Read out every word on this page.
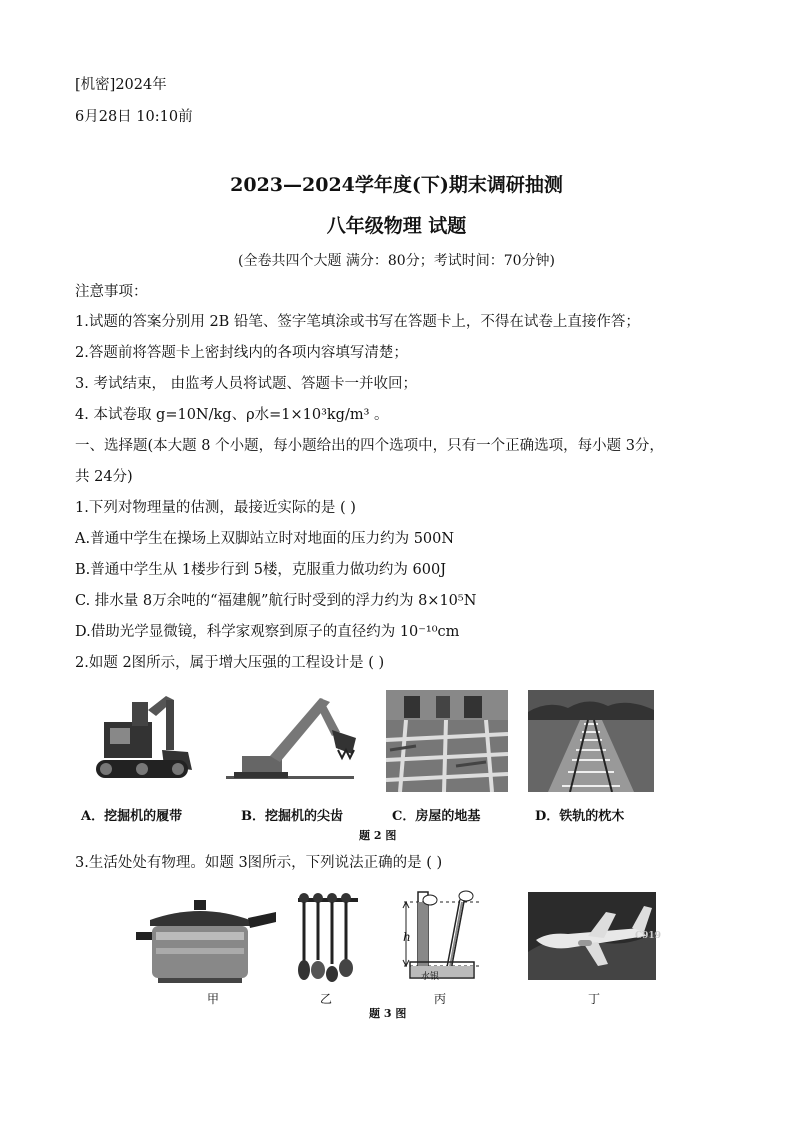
[机密]2024年
6月28日 10:10前
2023—2024学年度(下)期末调研抽测
八年级物理 试题
(全卷共四个大题 满分：80分；考试时间：70分钟)
注意事项：
1.试题的答案分别用 2B 铅笔、签字笔填涂或书写在答题卡上，不得在试卷上直接作答；
2.答题前将答题卡上密封线内的各项内容填写清楚；
3. 考试结束， 由监考人员将试题、答题卡一并收回；
4. 本试卷取 g=10N/kg、ρ水=1×10³kg/m³ 。
一、选择题(本大题 8 个小题，每小题给出的四个选项中，只有一个正确选项，每小题 3分，
共 24分)
1.下列对物理量的估测，最接近实际的是 ( )
A.普通中学生在操场上双脚站立时对地面的压力约为 500N
B.普通中学生从 1楼步行到 5楼，克服重力做功约为 600J
C. 排水量 8万余吨的“福建舰”航行时受到的浮力约为 8×10⁵N
D.借助光学显微镜，科学家观察到原子的直径约为 10⁻¹⁰cm
2.如题 2图所示，属于增大压强的工程设计是 ( )
A．挖掘机的履带	B．挖掘机的尖齿	C．房屋的地基	D．铁轨的枕木
题 2 图
3.生活处处有物理。如题 3图所示，下列说法正确的是 ( )
h
水银
C919
甲	乙	丙	丁
题 3 图
